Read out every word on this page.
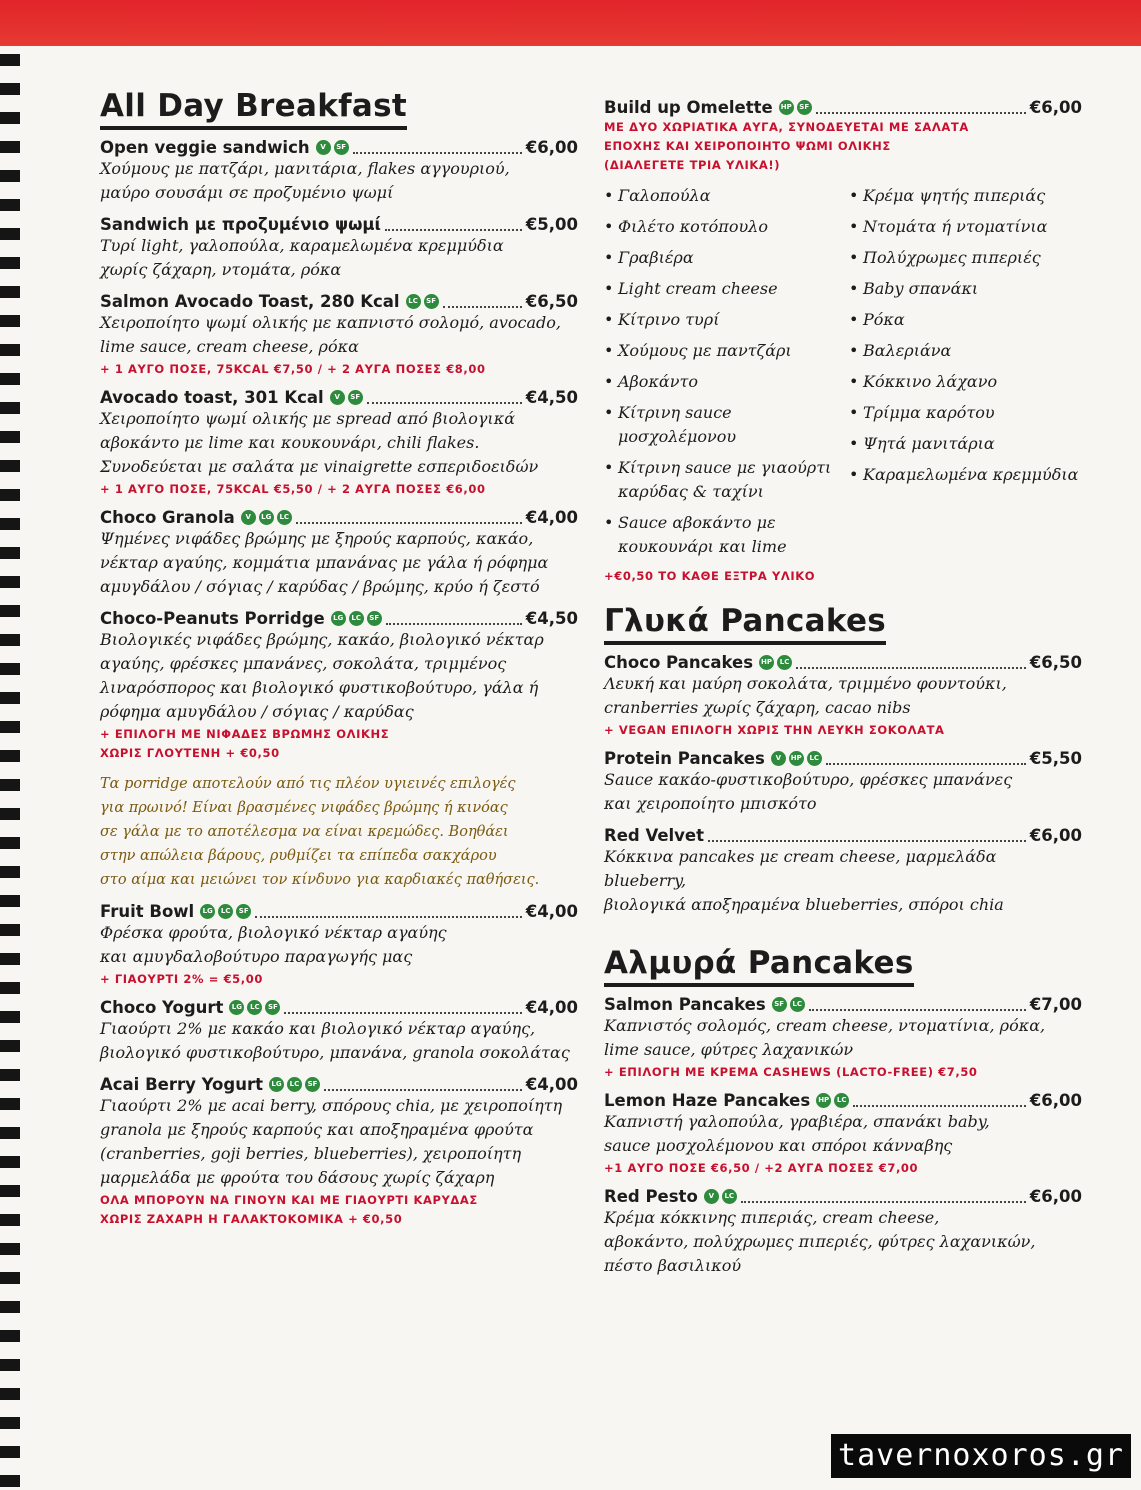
All Day Breakfast
Open veggie sandwich	V	SF	€6,00
Χούμους με πατζάρι, μανιτάρια, flakes αγγουριού,
μαύρο σουσάμι σε προζυμένιο ψωμί
Sandwich με προζυμένιο ψωμί	€5,00
Τυρί light, γαλοπούλα, καραμελωμένα κρεμμύδια
χωρίς ζάχαρη, ντομάτα, ρόκα
Salmon Avocado Toast, 280 Kcal	LC	SF	€6,50
Χειροποίητο ψωμί ολικής με καπνιστό σολομό, avocado,
lime sauce, cream cheese, ρόκα
+ 1 ΑΥΓΟ ΠΟΣΕ, 75KCAL €7,50 / + 2 ΑΥΓΑ ΠΟΣΕΣ €8,00
Avocado toast, 301 Kcal	V	SF	€4,50
Χειροποίητο ψωμί ολικής με spread από βιολογικά
αβοκάντο με lime και κουκουνάρι, chili flakes.
Συνοδεύεται με σαλάτα με vinaigrette εσπεριδοειδών
+ 1 ΑΥΓΟ ΠΟΣΕ, 75KCAL €5,50 / + 2 ΑΥΓΑ ΠΟΣΕΣ €6,00
Choco Granola	V	LG	LC	€4,00
Ψημένες νιφάδες βρώμης με ξηρούς καρπούς, κακάο,
νέκταρ αγαύης, κομμάτια μπανάνας με γάλα ή ρόφημα
αμυγδάλου / σόγιας / καρύδας / βρώμης, κρύο ή ζεστό
Choco-Peanuts Porridge	LG	LC	SF	€4,50
Βιολογικές νιφάδες βρώμης, κακάο, βιολογικό νέκταρ
αγαύης, φρέσκες μπανάνες, σοκολάτα, τριμμένος
λιναρόσπορος και βιολογικό φυστικοβούτυρο, γάλα ή
ρόφημα αμυγδάλου / σόγιας / καρύδας
+ ΕΠΙΛΟΓΗ ΜΕ ΝΙΦΑΔΕΣ ΒΡΩΜΗΣ ΟΛΙΚΗΣ
ΧΩΡΙΣ ΓΛΟΥΤΕΝΗ + €0,50
Τα porridge αποτελούν από τις πλέον υγιεινές επιλογές
για πρωινό! Είναι βρασμένες νιφάδες βρώμης ή κινόας
σε γάλα με το αποτέλεσμα να είναι κρεμώδες. Βοηθάει
στην απώλεια βάρους, ρυθμίζει τα επίπεδα σακχάρου
στο αίμα και μειώνει τον κίνδυνο για καρδιακές παθήσεις.
Fruit Bowl	LG	LC	SF	€4,00
Φρέσκα φρούτα, βιολογικό νέκταρ αγαύης
και αμυγδαλοβούτυρο παραγωγής μας
+ ΓΙΑΟΥΡΤΙ 2% = €5,00
Choco Yogurt	LG	LC	SF	€4,00
Γιαούρτι 2% με κακάο και βιολογικό νέκταρ αγαύης,
βιολογικό φυστικοβούτυρο, μπανάνα, granola σοκολάτας
Acai Berry Yogurt	LG	LC	SF	€4,00
Γιαούρτι 2% με acai berry, σπόρους chia, με χειροποίητη
granola με ξηρούς καρπούς και αποξηραμένα φρούτα
(cranberries, goji berries, blueberries), χειροποίητη
μαρμελάδα με φρούτα του δάσους χωρίς ζάχαρη
ΟΛΑ ΜΠΟΡΟΥΝ ΝΑ ΓΙΝΟΥΝ ΚΑΙ ΜΕ ΓΙΑΟΥΡΤΙ ΚΑΡΥΔΑΣ
ΧΩΡΙΣ ΖΑΧΑΡΗ Η ΓΑΛΑΚΤΟΚΟΜΙΚΑ + €0,50
Build up Omelette HP	SF	€6,00
ΜΕ ΔΥΟ ΧΩΡΙΑΤΙΚΑ ΑΥΓΑ, ΣΥΝΟΔΕΥΕΤΑΙ ΜΕ ΣΑΛΑΤΑ
ΕΠΟΧΗΣ ΚΑΙ ΧΕΙΡΟΠΟΙΗΤΟ ΨΩΜΙ ΟΛΙΚΗΣ
(ΔΙΑΛΕΓΕΤΕ ΤΡΙΑ ΥΛΙΚΑ!)
• Γαλοπούλα
• Φιλέτο κοτόπουλο
• Γραβιέρα
• Light cream cheese
• Κίτρινο τυρί
• Χούμους με παντζάρι
• Αβοκάντο
• Κίτρινη sauce μοσχολέμονου
• Κίτρινη sauce με γιαούρτι καρύδας & ταχίνι
• Sauce αβοκάντο με κουκουνάρι και lime
• Κρέμα ψητής πιπεριάς
• Ντομάτα ή ντοματίνια
• Πολύχρωμες πιπεριές
• Baby σπανάκι
• Ρόκα
• Βαλεριάνα
• Κόκκινο λάχανο
• Τρίμμα καρότου
• Ψητά μανιτάρια
• Καραμελωμένα κρεμμύδια
+€0,50 ΤΟ ΚΑΘΕ ΕΞΤΡΑ ΥΛΙΚΟ
Γλυκά Pancakes
Choco Pancakes HP	LC	€6,50
Λευκή και μαύρη σοκολάτα, τριμμένο φουντούκι,
cranberries χωρίς ζάχαρη, cacao nibs
+ VEGAN ΕΠΙΛΟΓΗ ΧΩΡΙΣ ΤΗΝ ΛΕΥΚΗ ΣΟΚΟΛΑΤΑ
Protein Pancakes	V	HP	LC	€5,50
Sauce κακάο-φυστικοβούτυρο, φρέσκες μπανάνες
και χειροποίητο μπισκότο
Red Velvet	€6,00
Κόκκινα pancakes με cream cheese, μαρμελάδα blueberry,
βιολογικά αποξηραμένα blueberries, σπόροι chia
Αλμυρά Pancakes
Salmon Pancakes	SF	LC	€7,00
Καπνιστός σολομός, cream cheese, ντοματίνια, ρόκα,
lime sauce, φύτρες λαχανικών
+ ΕΠΙΛΟΓΗ ΜΕ ΚΡΕΜΑ CASHEWS (LACTO-FREE) €7,50
Lemon Haze Pancakes HP	LC	€6,00
Καπνιστή γαλοπούλα, γραβιέρα, σπανάκι baby,
sauce μοσχολέμονου και σπόροι κάνναβης
+1 ΑΥΓΟ ΠΟΣΕ €6,50 / +2 ΑΥΓΑ ΠΟΣΕΣ €7,00
Red Pesto	V	LC	€6,00
Κρέμα κόκκινης πιπεριάς, cream cheese,
αβοκάντο, πολύχρωμες πιπεριές, φύτρες λαχανικών,
πέστο βασιλικού
tavernoxoros.gr
